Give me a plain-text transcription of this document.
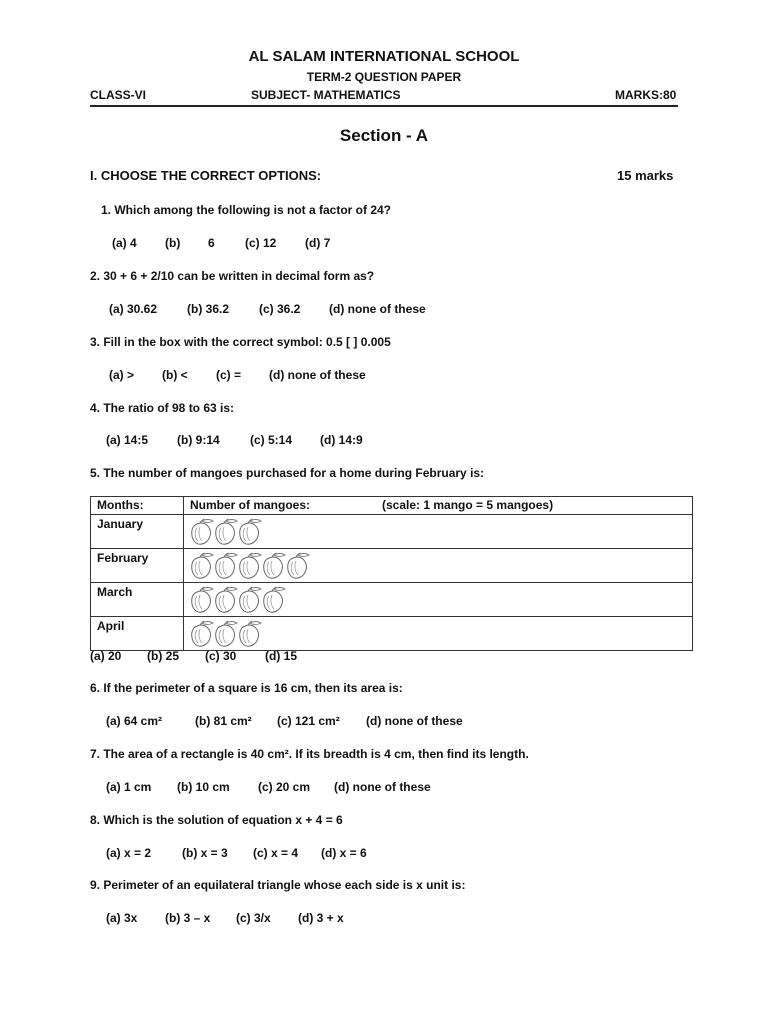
AL SALAM INTERNATIONAL SCHOOL
TERM-2 QUESTION PAPER
CLASS-VI	SUBJECT- MATHEMATICS	MARKS:80
Section - A
I. CHOOSE THE CORRECT OPTIONS:	15 marks
1. Which among the following is not a factor of 24?
(a) 4 (b) 6	(c) 12 (d) 7
2. 30 + 6 + 2/10 can be written in decimal form as?
(a) 30.62 (b) 36.2 (c) 36.2 (d) none of these
3. Fill in the box with the correct symbol: 0.5 [ ] 0.005
(a) > (b) < (c) = (d) none of these
4. The ratio of 98 to 63 is:
(a) 14:5 (b) 9:14	(c) 5:14 (d) 14:9
5. The number of mangoes purchased for a home during February is:
Months:	Number of mangoes: (scale: 1 mango = 5 mangoes)
January	

February	

March	

April	
(a) 20 (b) 25 (c) 30 (d) 15
6. If the perimeter of a square is 16 cm, then its area is:
(a) 64 cm²	(b) 81 cm² (c) 121 cm² (d) none of these
7. The area of a rectangle is 40 cm². If its breadth is 4 cm, then find its length.
(a) 1 cm (b) 10 cm (c) 20 cm (d) none of these
8. Which is the solution of equation x + 4 = 6
(a) x = 2	(b) x = 3 (c) x = 4 (d) x = 6
9. Perimeter of an equilateral triangle whose each side is x unit is:
(a) 3x (b) 3 – x (c) 3/x (d) 3 + x
